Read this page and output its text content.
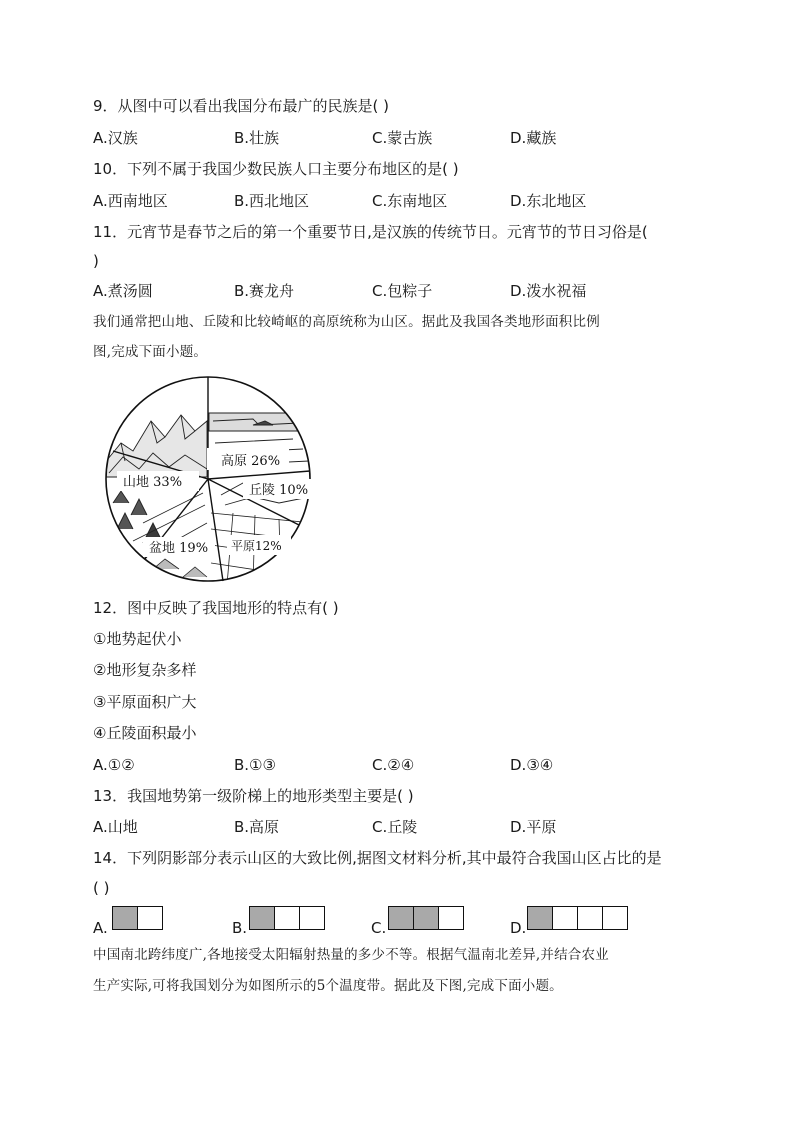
9．从图中可以看出我国分布最广的民族是( )
A.汉族	B.壮族	C.蒙古族	D.藏族
10．下列不属于我国少数民族人口主要分布地区的是( )
A.西南地区	B.西北地区	C.东南地区	D.东北地区
11．元宵节是春节之后的第一个重要节日,是汉族的传统节日。元宵节的节日习俗是(
)
A.煮汤圆	B.赛龙舟	C.包粽子	D.泼水祝福
我们通常把山地、丘陵和比较崎岖的高原统称为山区。据此及我国各类地形面积比例
图,完成下面小题。
高原 26%
山地 33%
丘陵 10%
盆地 19% 平原12%
12．图中反映了我国地形的特点有( )
①地势起伏小
②地形复杂多样
③平原面积广大
④丘陵面积最小
A.①②	B.①③	C.②④	D.③④
13．我国地势第一级阶梯上的地形类型主要是( )
A.山地	B.高原	C.丘陵	D.平原
14．下列阴影部分表示山区的大致比例,据图文材料分析,其中最符合我国山区占比的是
( )
A.	B.	C.	D.
中国南北跨纬度广,各地接受太阳辐射热量的多少不等。根据气温南北差异,并结合农业
生产实际,可将我国划分为如图所示的5个温度带。据此及下图,完成下面小题。
